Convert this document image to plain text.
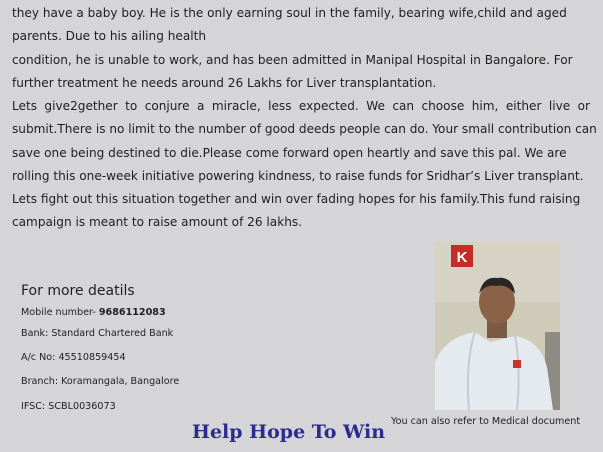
they have a baby boy. He is the only earning soul in the family, bearing wife,child and aged
parents. Due to his ailing health
condition, he is unable to work, and has been admitted in Manipal Hospital in Bangalore. For
further treatment he needs around 26 Lakhs for Liver transplantation.
Lets give2gether to conjure a miracle, less expected. We can choose him, either live or
submit.There is no limit to the number of good deeds people can do. Your small contribution can
save one being destined to die.Please come forward open heartly and save this pal. We are
rolling this one-week initiative powering kindness, to raise funds for Sridhar’s Liver transplant.
Lets fight out this situation together and win over fading hopes for his family.This fund raising
campaign is meant to raise amount of 26 lakhs.
For more deatils
Mobile number- 9686112083
Bank: Standard Chartered Bank
A/c No: 45510859454
Branch: Koramangala, Bangalore
IFSC: SCBL0036073
Help Hope To Win
K
You can also refer to Medical document
